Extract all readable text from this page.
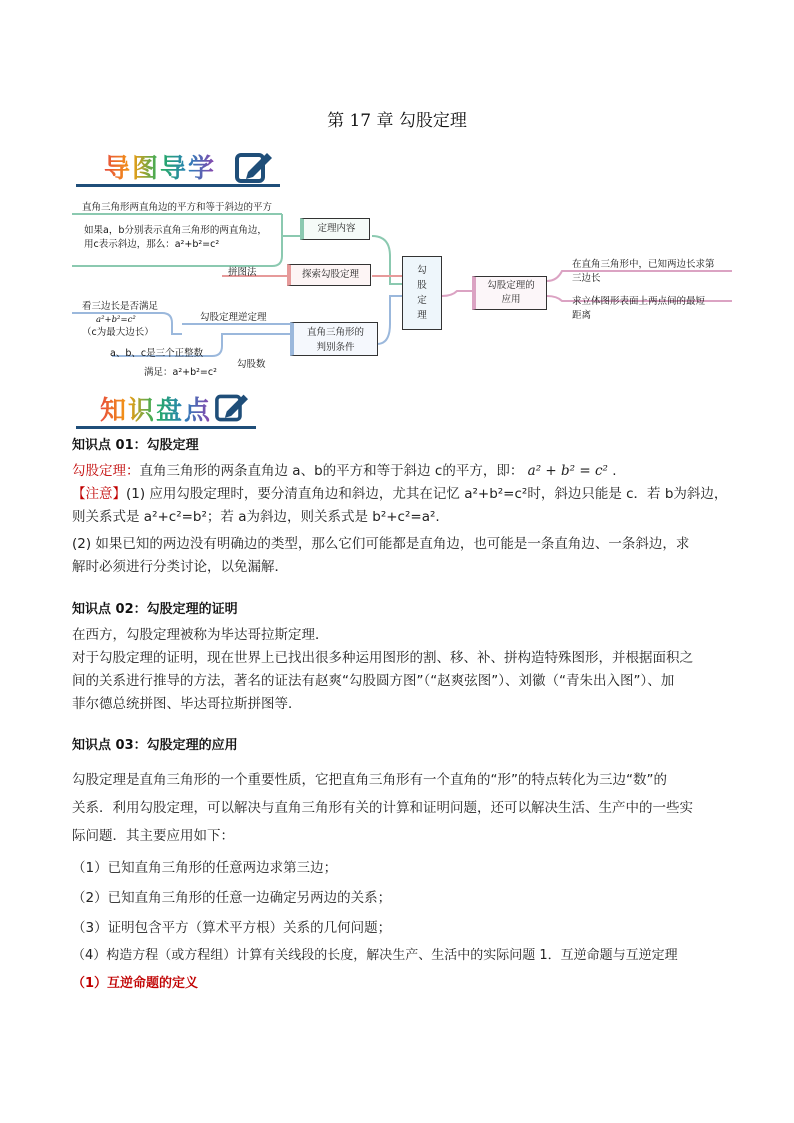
第 17 章 勾股定理
导图导学
直角三角形两直角边的平方和等于斜边的平方
如果a，b分别表示直角三角形的两直角边，
用c表示斜边，那么：a²+b²=c²
定理内容
拼图法	探索勾股定理
看三边长是否满足
a²+b²=c²
（c为最大边长）
勾股定理逆定理
a、b、c是三个正整数
勾股数
满足：a²+b²=c²
直角三角形的判别条件
勾股定理
勾股定理的应用
在直角三角形中，已知两边长求第
三边长
求立体图形表面上两点间的最短
距离
知识盘点
知识点 01：勾股定理
勾股定理：直角三角形的两条直角边 a、b的平方和等于斜边 c的平方，即： a² + b² = c² .
【注意】(1) 应用勾股定理时，要分清直角边和斜边，尤其在记忆 a²+b²=c²时，斜边只能是 c．若 b为斜边，
则关系式是 a²+c²=b²；若 a为斜边，则关系式是 b²+c²=a².
(2) 如果已知的两边没有明确边的类型，那么它们可能都是直角边，也可能是一条直角边、一条斜边，求
解时必须进行分类讨论，以免漏解．
知识点 02：勾股定理的证明
在西方，勾股定理被称为毕达哥拉斯定理．
对于勾股定理的证明，现在世界上已找出很多种运用图形的割、移、补、拼构造特殊图形，并根据面积之
间的关系进行推导的方法，著名的证法有赵爽“勾股圆方图”（“赵爽弦图”）、刘徽（“青朱出入图”）、加
菲尔德总统拼图、毕达哥拉斯拼图等．
知识点 03：勾股定理的应用
勾股定理是直角三角形的一个重要性质，它把直角三角形有一个直角的“形”的特点转化为三边“数”的
关系．利用勾股定理，可以解决与直角三角形有关的计算和证明问题，还可以解决生活、生产中的一些实
际问题．其主要应用如下：
（1）已知直角三角形的任意两边求第三边；
（2）已知直角三角形的任意一边确定另两边的关系；
（3）证明包含平方（算术平方根）关系的几何问题；
（4）构造方程（或方程组）计算有关线段的长度，解决生产、生活中的实际问题 1．互逆命题与互逆定理
（1）互逆命题的定义
